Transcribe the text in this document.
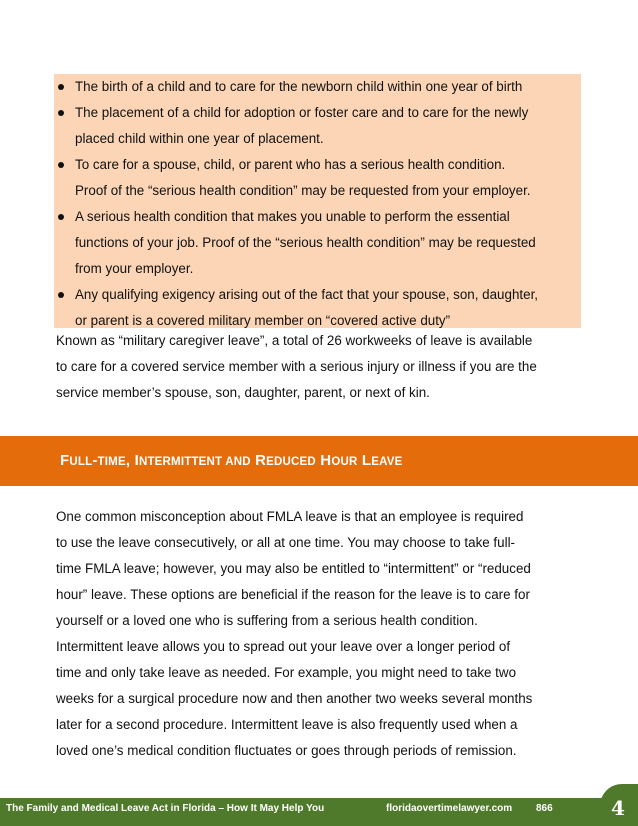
The birth of a child and to care for the newborn child within one year of birth
The placement of a child for adoption or foster care and to care for the newly
placed child within one year of placement.
To care for a spouse, child, or parent who has a serious health condition.
Proof of the “serious health condition” may be requested from your employer.
A serious health condition that makes you unable to perform the essential
functions of your job. Proof of the “serious health condition” may be requested
from your employer.
Any qualifying exigency arising out of the fact that your spouse, son, daughter,
or parent is a covered military member on “covered active duty”

Known as “military caregiver leave”, a total of 26 workweeks of leave is available

to care for a covered service member with a serious injury or illness if you are the

service member’s spouse, son, daughter, parent, or next of kin.

FULL-TIME, INTERMITTENT AND REDUCED HOUR LEAVE

One common misconception about FMLA leave is that an employee is required

to use the leave consecutively, or all at one time. You may choose to take full-

time FMLA leave; however, you may also be entitled to “intermittent” or “reduced

hour” leave. These options are beneficial if the reason for the leave is to care for

yourself or a loved one who is suffering from a serious health condition.

Intermittent leave allows you to spread out your leave over a longer period of

time and only take leave as needed. For example, you might need to take two

weeks for a surgical procedure now and then another two weeks several months

later for a second procedure. Intermittent leave is also frequently used when a

loved one’s medical condition fluctuates or goes through periods of remission.

The Family and Medical Leave Act in Florida – How It May Help You	floridaovertimelawyer.com 866	4
